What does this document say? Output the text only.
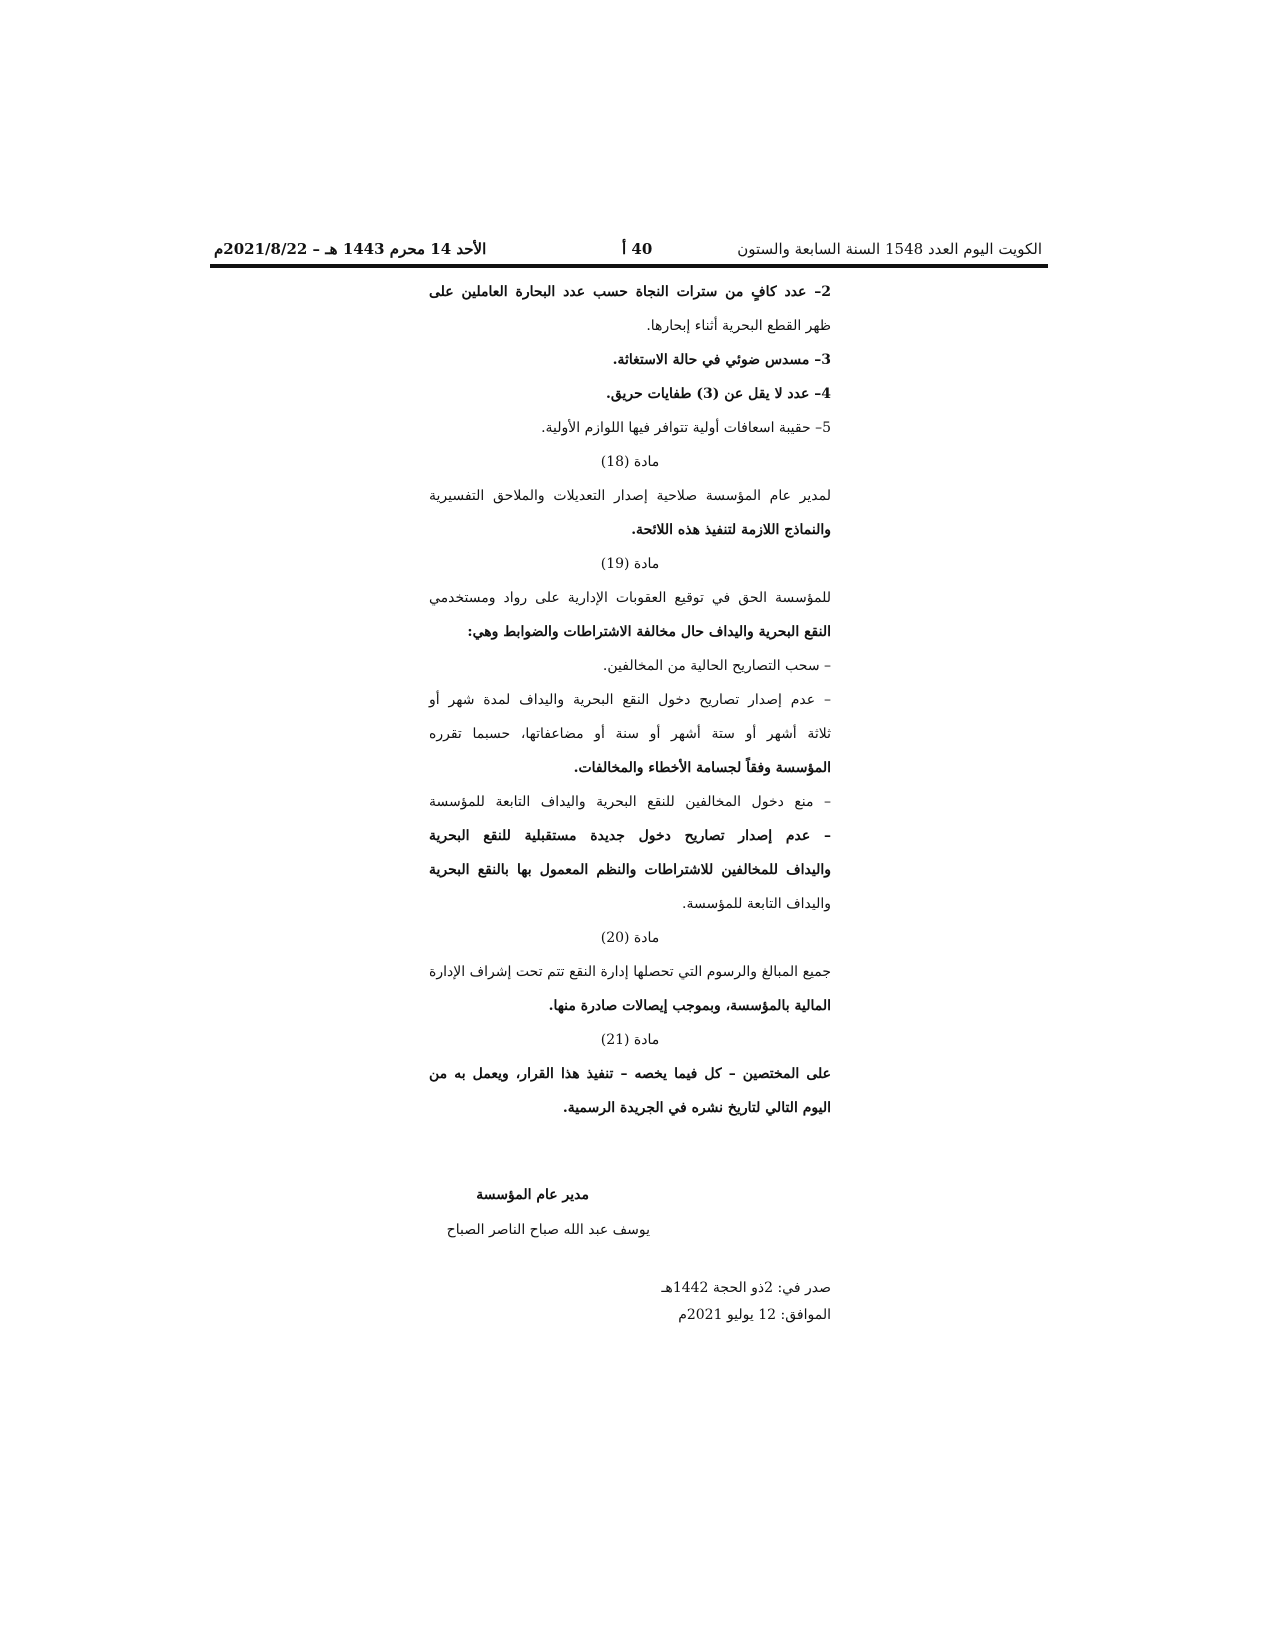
الكويت اليوم العدد 1548 السنة السابعة والستون
40 أ
الأحد 14 محرم 1443 هـ – 2021/8/22م
2– عدد كافٍ من سترات النجاة حسب عدد البحارة العاملين على
ظهر القطع البحرية أثناء إبحارها.
3– مسدس ضوئي في حالة الاستغاثة.
4– عدد لا يقل عن (3) طفايات حريق.
5– حقيبة اسعافات أولية تتوافر فيها اللوازم الأولية.
مادة (18)
لمدير عام المؤسسة صلاحية إصدار التعديلات والملاحق التفسيرية
والنماذج اللازمة لتنفيذ هذه اللائحة.
مادة (19)
للمؤسسة الحق في توقيع العقوبات الإدارية على رواد ومستخدمي
النقع البحرية واليداف حال مخالفة الاشتراطات والضوابط وهي:
– سحب التصاريح الحالية من المخالفين.
– عدم إصدار تصاريح دخول النقع البحرية واليداف لمدة شهر أو
ثلاثة أشهر أو ستة أشهر أو سنة أو مضاعفاتها، حسبما تقرره
المؤسسة وفقاً لجسامة الأخطاء والمخالفات.
– منع دخول المخالفين للنقع البحرية واليداف التابعة للمؤسسة
– عدم إصدار تصاريح دخول جديدة مستقبلية للنقع البحرية
واليداف للمخالفين للاشتراطات والنظم المعمول بها بالنقع البحرية
واليداف التابعة للمؤسسة.
مادة (20)
جميع المبالغ والرسوم التي تحصلها إدارة النقع تتم تحت إشراف الإدارة
المالية بالمؤسسة، وبموجب إيصالات صادرة منها.
مادة (21)
على المختصين – كل فيما يخصه – تنفيذ هذا القرار، ويعمل به من
اليوم التالي لتاريخ نشره في الجريدة الرسمية.
مدير عام المؤسسة
يوسف عبد الله صباح الناصر الصباح
صدر في: 2ذو الحجة 1442هـ
الموافق: 12 يوليو 2021م
